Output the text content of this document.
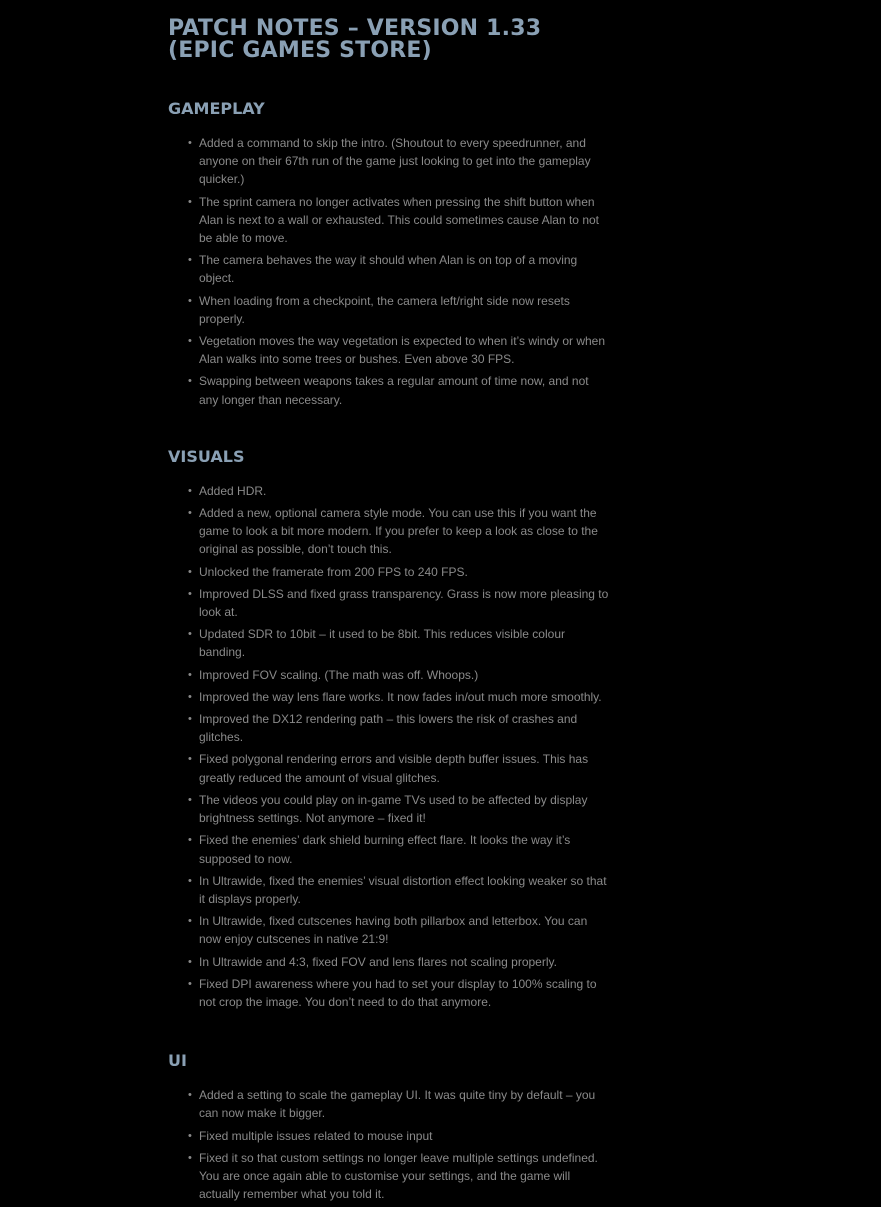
PATCH NOTES – VERSION 1.33
(EPIC GAMES STORE)
GAMEPLAY
• Added a command to skip the intro. (Shoutout to every speedrunner, and anyone on their 67th run of the game just looking to get into the gameplay quicker.)
• The sprint camera no longer activates when pressing the shift button when Alan is next to a wall or exhausted. This could sometimes cause Alan to not be able to move.
• The camera behaves the way it should when Alan is on top of a moving object.
• When loading from a checkpoint, the camera left/right side now resets properly.
• Vegetation moves the way vegetation is expected to when it’s windy or when Alan walks into some trees or bushes. Even above 30 FPS.
• Swapping between weapons takes a regular amount of time now, and not any longer than necessary.
VISUALS
• Added HDR.
• Added a new, optional camera style mode. You can use this if you want the game to look a bit more modern. If you prefer to keep a look as close to the original as possible, don’t touch this.
• Unlocked the framerate from 200 FPS to 240 FPS.
• Improved DLSS and fixed grass transparency. Grass is now more pleasing to look at.
• Updated SDR to 10bit – it used to be 8bit. This reduces visible colour banding.
• Improved FOV scaling. (The math was off. Whoops.)
• Improved the way lens flare works. It now fades in/out much more smoothly.
• Improved the DX12 rendering path – this lowers the risk of crashes and glitches.
• Fixed polygonal rendering errors and visible depth buffer issues. This has greatly reduced the amount of visual glitches.
• The videos you could play on in-game TVs used to be affected by display brightness settings. Not anymore – fixed it!
• Fixed the enemies’ dark shield burning effect flare. It looks the way it’s supposed to now.
• In Ultrawide, fixed the enemies’ visual distortion effect looking weaker so that it displays properly.
• In Ultrawide, fixed cutscenes having both pillarbox and letterbox. You can now enjoy cutscenes in native 21:9!
• In Ultrawide and 4:3, fixed FOV and lens flares not scaling properly.
• Fixed DPI awareness where you had to set your display to 100% scaling to not crop the image. You don’t need to do that anymore.
UI
• Added a setting to scale the gameplay UI. It was quite tiny by default – you can now make it bigger.
• Fixed multiple issues related to mouse input
• Fixed it so that custom settings no longer leave multiple settings undefined. You are once again able to customise your settings, and the game will actually remember what you told it.
